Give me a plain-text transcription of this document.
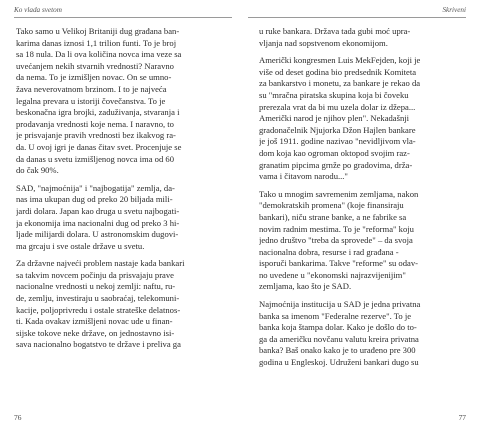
Ko vlada svetom
Tako samo u Velikoj Britaniji dug građana ban-
karima danas iznosi 1,1 trilion funti. To je broj
sa 18 nula. Da li ova količina novca ima veze sa
uvećanjem nekih stvarnih vrednosti? Naravno
da nema. To je izmišljen novac. On se umno-
žava neverovatnom brzinom. I to je najveća
legalna prevara u istoriji čovečanstva. To je
beskonačna igra brojki, zaduživanja, stvaranja i
prodavanja vrednosti koje nema. I naravno, to
je prisvajanje pravih vrednosti bez ikakvog ra-
da. U ovoj igri je danas čitav svet. Procenjuje se
da danas u svetu izmišljenog novca ima od 60
do čak 90%.
SAD, "najmoćnija" i "najbogatija" zemlja, da-
nas ima ukupan dug od preko 20 biljada mili-
jardi dolara. Japan kao druga u svetu najbogati-
ja ekonomija ima nacionalni dug od preko 3 hi-
ljade milijardi dolara. U astronomskim dugovi-
ma grcaju i sve ostale države u svetu.
Za državne najveći problem nastaje kada bankari
sa takvim novcem počinju da prisvajaju prave
nacionalne vrednosti u nekoj zemlji: naftu, ru-
de, zemlju, investiraju u saobraćaj, telekomuni-
kacije, poljoprivredu i ostale strateške delatnos-
ti. Kada ovakav izmišljeni novac ude u finan-
sijske tokove neke države, on jednostavno isi-
sava nacionalno bogatstvo te države i preliva ga
76
Skriveni
u ruke bankara. Država tada gubi moć upra-
vljanja nad sopstvenom ekonomijom.
Američki kongresmen Luis MekFejden, koji je
više od deset godina bio predsednik Komiteta
za bankarstvo i monetu, za bankare je rekao da
su "mračna piratska skupina koja bi čoveku
prerezala vrat da bi mu uzela dolar iz džepa...
Američki narod je njihov plen". Nekadašnji
gradonačelnik Njujorka Džon Hajlen bankare
je još 1911. godine nazivao "nevidljivom vla-
dom koja kao ogroman oktopod svojim raz-
granatim pipcima grnže po gradovima, drža-
vama i čitavom narodu..."
Tako u mnogim savremenim zemljama, nakon
"demokratskih promena" (koje finansiraju
bankari), niču strane banke, a ne fabrike sa
novim radnim mestima. To je "reforma" koju
jedno društvo "treba da sprovede" – da svoja
nacionalna dobra, resurse i rad građana -
isporuči bankarima. Takve "reforme" su odav-
no uvedene u "ekonomski najrazvijenijim"
zemljama, kao što je SAD.
Najmoćnija institucija u SAD je jedna privatna
banka sa imenom "Federalne rezerve". To je
banka koja štampa dolar. Kako je došlo do to-
ga da američku novčanu valutu kreira privatna
banka? Baš onako kako je to urađeno pre 300
godina u Engleskoj. Udruženi bankari dugo su
77
